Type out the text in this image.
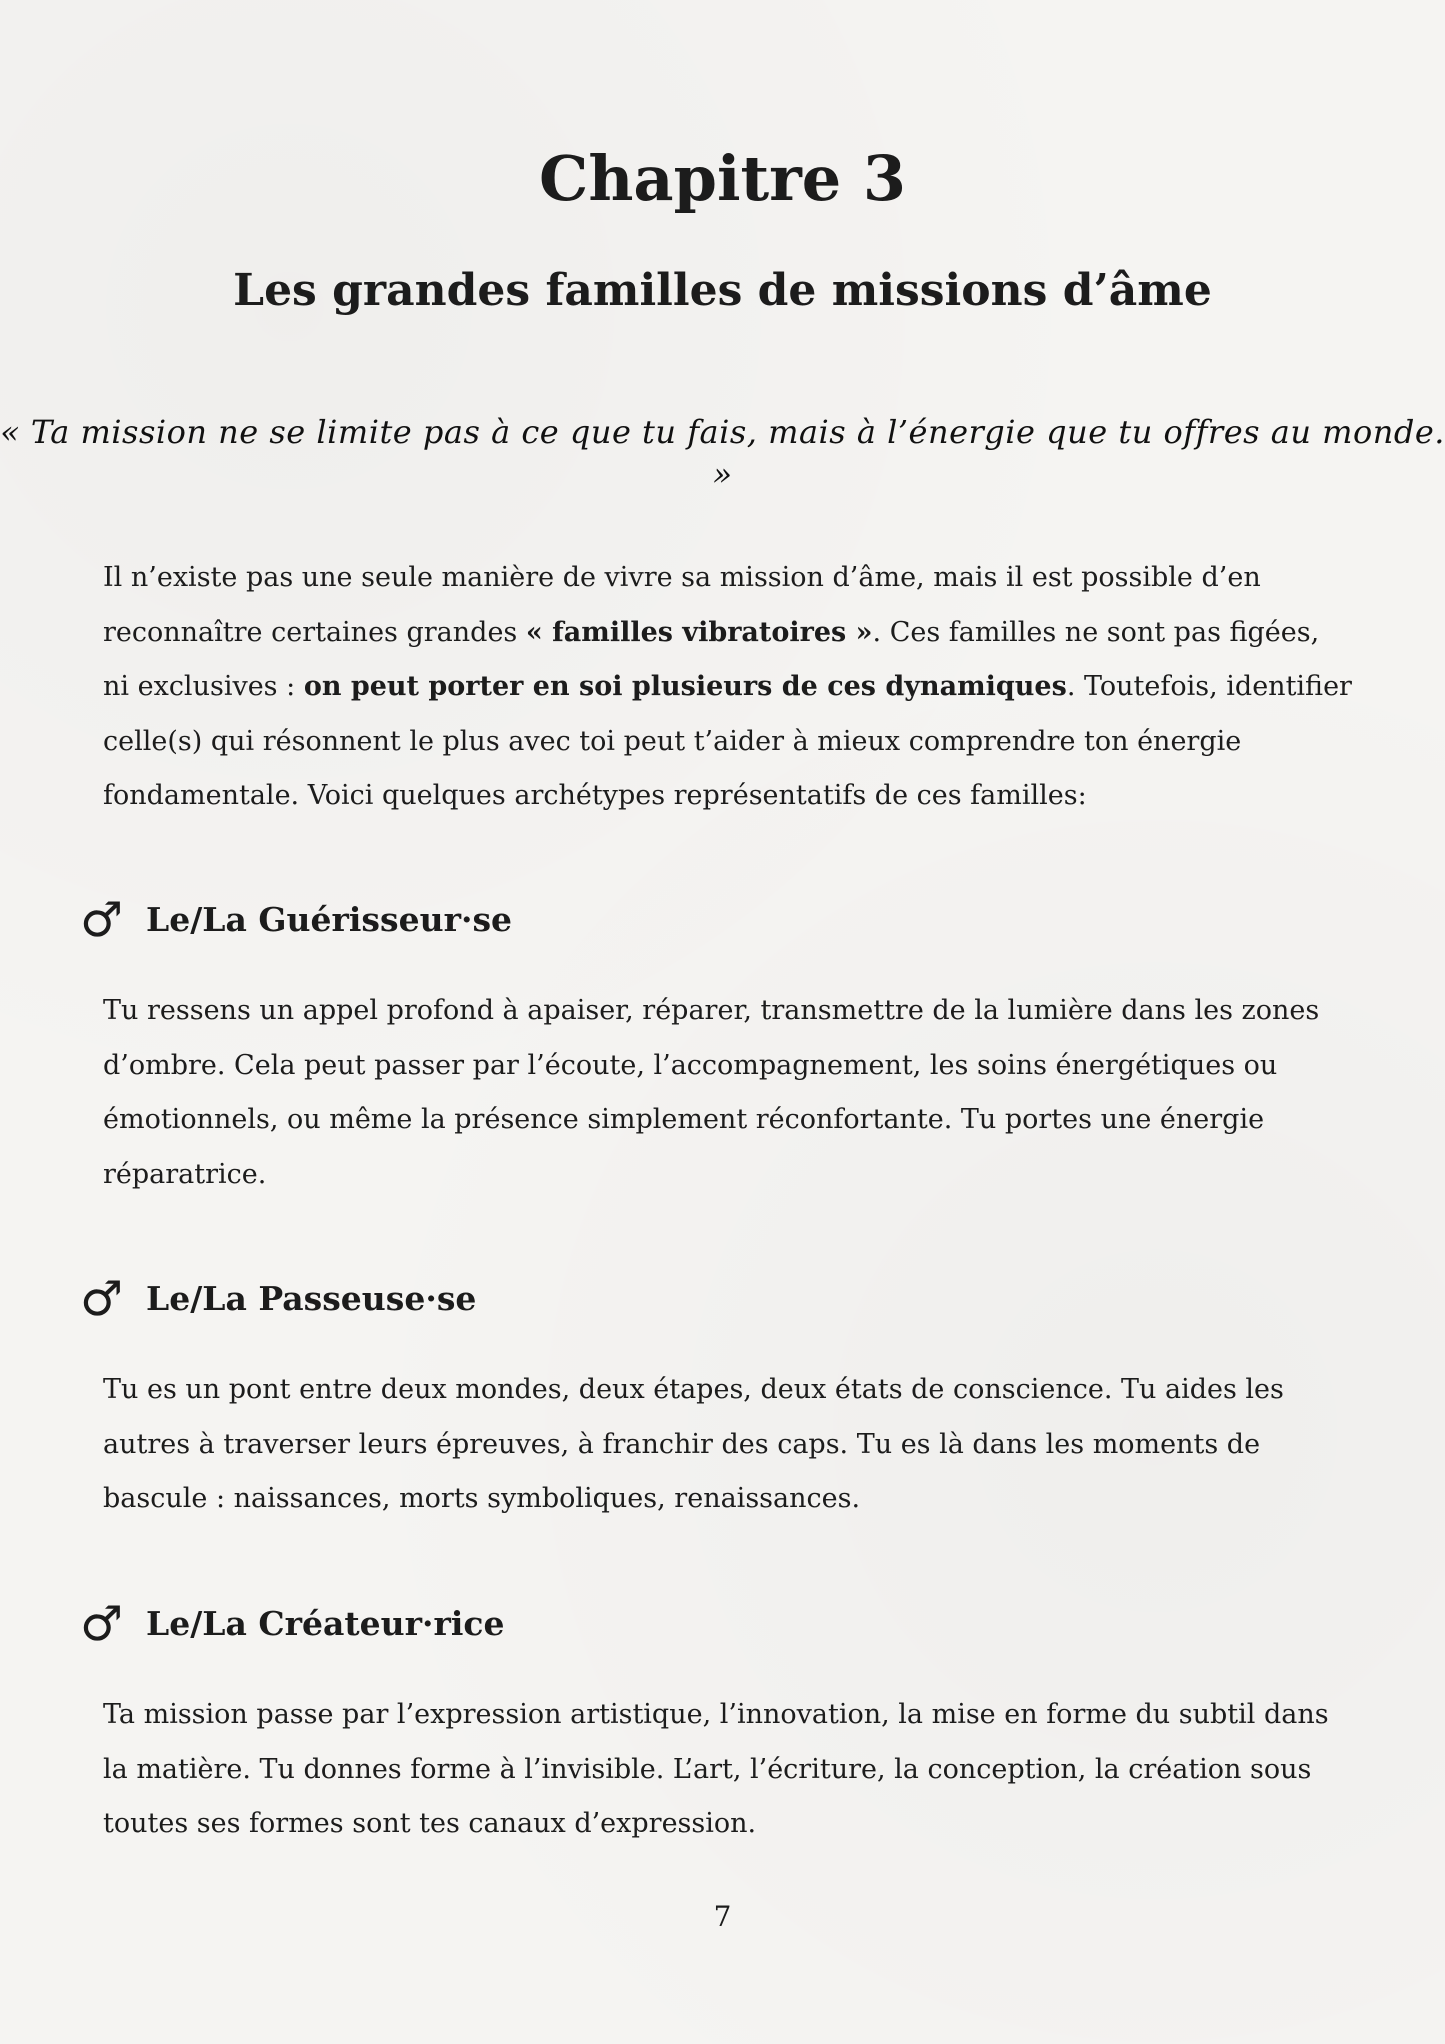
Chapitre 3
Les grandes familles de missions d’âme

« Ta mission ne se limite pas à ce que tu fais, mais à l’énergie que tu offres au monde. »

Il n’existe pas une seule manière de vivre sa mission d’âme, mais il est possible d’en reconnaître certaines grandes « familles vibratoires ». Ces familles ne sont pas figées, ni exclusives : on peut porter en soi plusieurs de ces dynamiques. Toutefois, identifier celle(s) qui résonnent le plus avec toi peut t’aider à mieux comprendre ton énergie fondamentale. Voici quelques archétypes représentatifs de ces familles:

♂ Le/La Guérisseur·se

Tu ressens un appel profond à apaiser, réparer, transmettre de la lumière dans les zones d’ombre. Cela peut passer par l’écoute, l’accompagnement, les soins énergétiques ou émotionnels, ou même la présence simplement réconfortante. Tu portes une énergie réparatrice.

♂ Le/La Passeuse·se

Tu es un pont entre deux mondes, deux étapes, deux états de conscience. Tu aides les autres à traverser leurs épreuves, à franchir des caps. Tu es là dans les moments de bascule : naissances, morts symboliques, renaissances.

♂ Le/La Créateur·rice

Ta mission passe par l’expression artistique, l’innovation, la mise en forme du subtil dans la matière. Tu donnes forme à l’invisible. L’art, l’écriture, la conception, la création sous toutes ses formes sont tes canaux d’expression.

7
